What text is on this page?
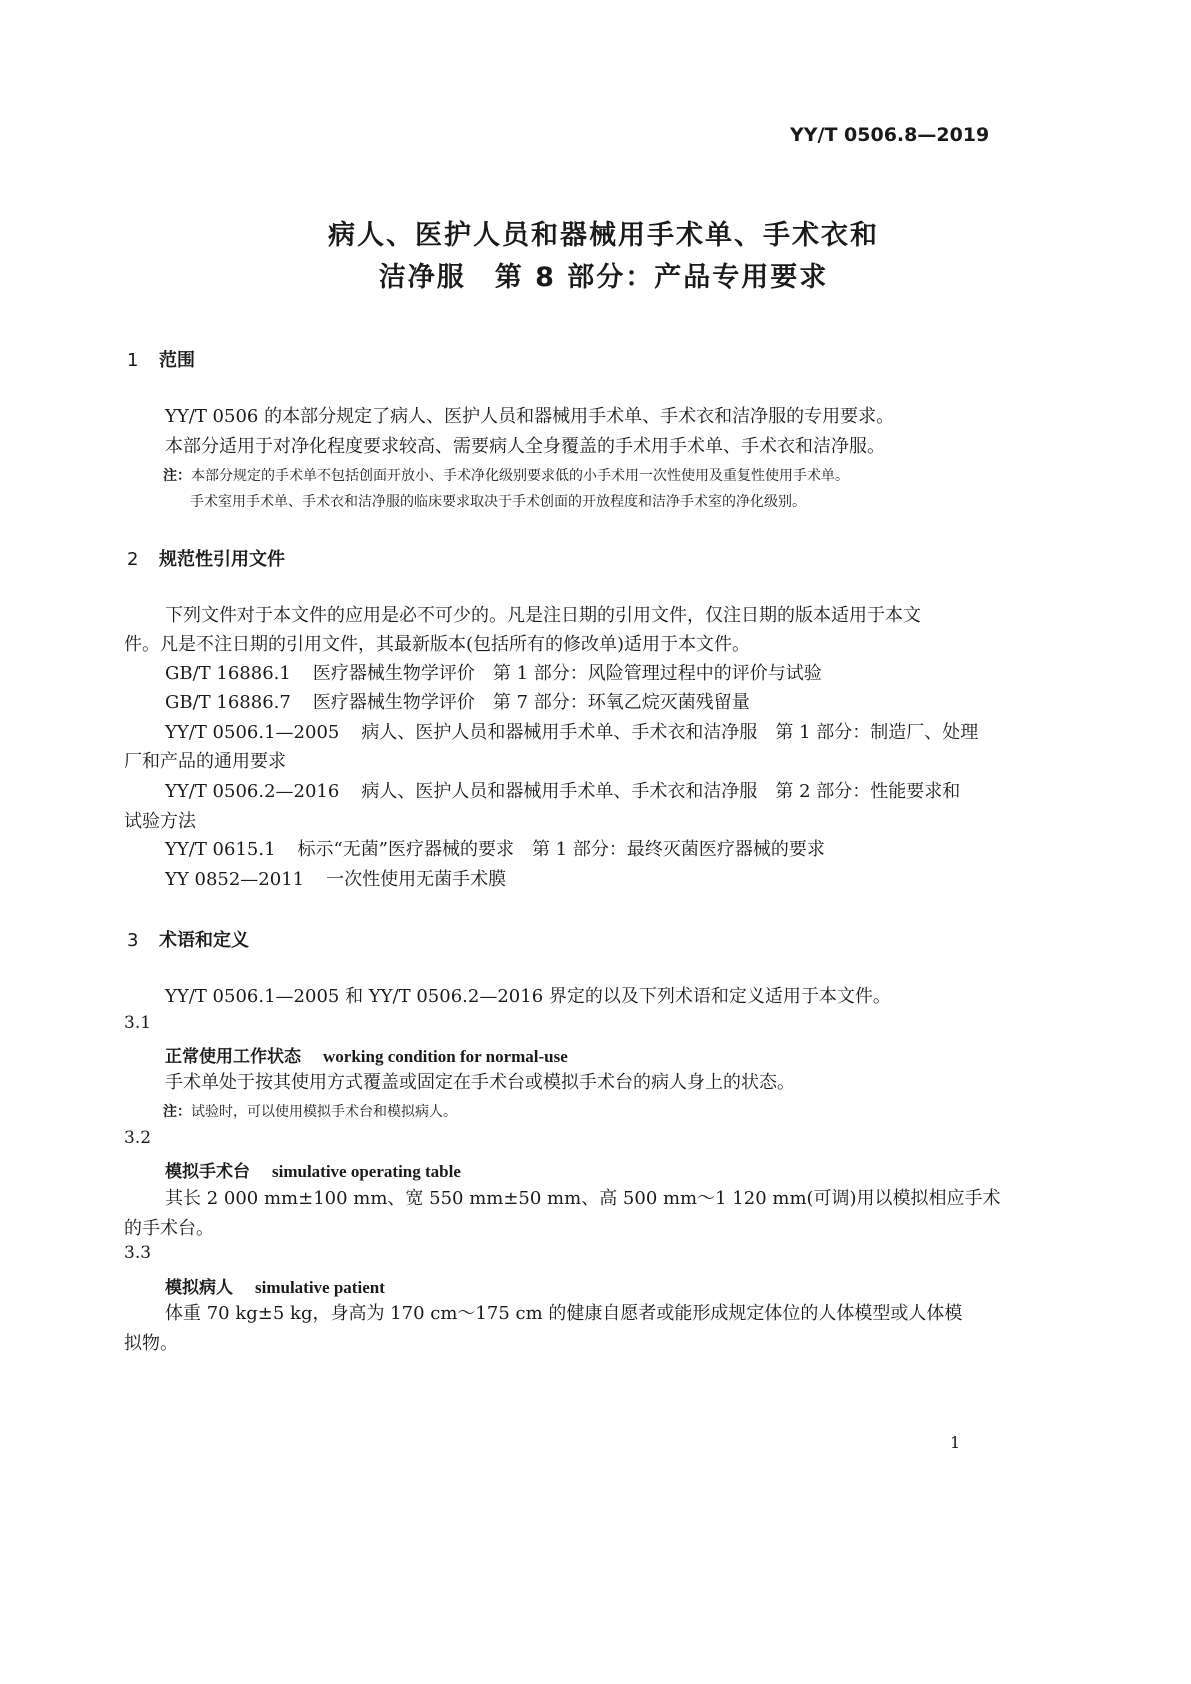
YY/T 0506.8—2019
病人、医护人员和器械用手术单、手术衣和
洁净服　第 8 部分：产品专用要求
1 范围
YY/T 0506 的本部分规定了病人、医护人员和器械用手术单、手术衣和洁净服的专用要求。
本部分适用于对净化程度要求较高、需要病人全身覆盖的手术用手术单、手术衣和洁净服。
注：本部分规定的手术单不包括创面开放小、手术净化级别要求低的小手术用一次性使用及重复性使用手术单。
手术室用手术单、手术衣和洁净服的临床要求取决于手术创面的开放程度和洁净手术室的净化级别。
2 规范性引用文件
下列文件对于本文件的应用是必不可少的。凡是注日期的引用文件，仅注日期的版本适用于本文
件。凡是不注日期的引用文件，其最新版本(包括所有的修改单)适用于本文件。
GB/T 16886.1 医疗器械生物学评价　第 1 部分：风险管理过程中的评价与试验
GB/T 16886.7 医疗器械生物学评价　第 7 部分：环氧乙烷灭菌残留量
YY/T 0506.1—2005 病人、医护人员和器械用手术单、手术衣和洁净服　第 1 部分：制造厂、处理
厂和产品的通用要求
YY/T 0506.2—2016 病人、医护人员和器械用手术单、手术衣和洁净服　第 2 部分：性能要求和
试验方法
YY/T 0615.1 标示“无菌”医疗器械的要求　第 1 部分：最终灭菌医疗器械的要求
YY 0852—2011 一次性使用无菌手术膜
3 术语和定义
YY/T 0506.1—2005 和 YY/T 0506.2—2016 界定的以及下列术语和定义适用于本文件。
3.1
正常使用工作状态 working condition for normal-use
手术单处于按其使用方式覆盖或固定在手术台或模拟手术台的病人身上的状态。
注：试验时，可以使用模拟手术台和模拟病人。
3.2
模拟手术台 simulative operating table
其长 2 000 mm±100 mm、宽 550 mm±50 mm、高 500 mm～1 120 mm(可调)用以模拟相应手术
的手术台。
3.3
模拟病人 simulative patient
体重 70 kg±5 kg，身高为 170 cm～175 cm 的健康自愿者或能形成规定体位的人体模型或人体模
拟物。
1
